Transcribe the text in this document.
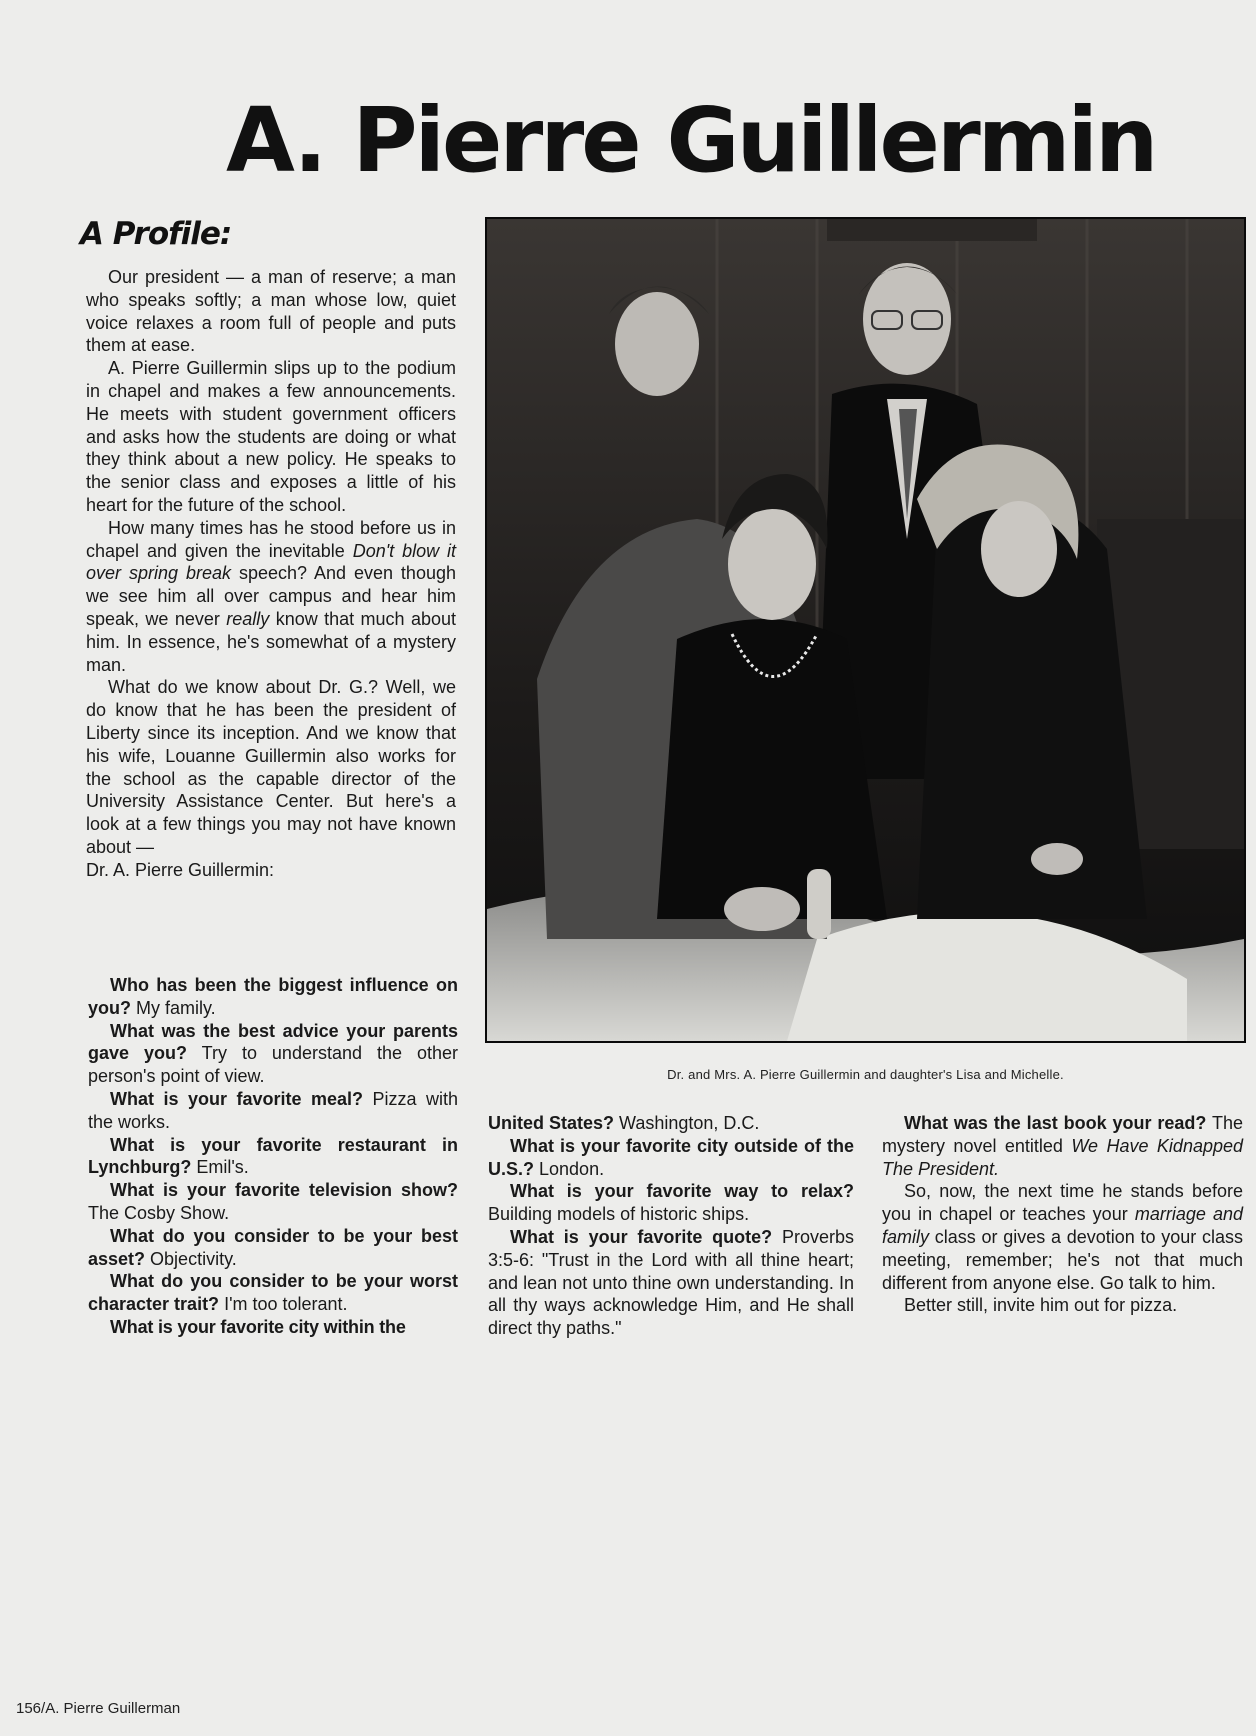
A. Pierre Guillermin
A Profile:

Our president — a man of reserve; a man who speaks softly; a man whose low, quiet voice relaxes a room full of people and puts them at ease.

A. Pierre Guillermin slips up to the podium in chapel and makes a few announcements. He meets with student government officers and asks how the students are doing or what they think about a new policy. He speaks to the senior class and exposes a little of his heart for the future of the school.

How many times has he stood before us in chapel and given the inevitable Don't blow it over spring break speech? And even though we see him all over campus and hear him speak, we never really know that much about him. In essence, he's somewhat of a mystery man.

What do we know about Dr. G.? Well, we do know that he has been the president of Liberty since its inception. And we know that his wife, Louanne Guillermin also works for the school as the capable director of the University Assistance Center. But here's a look at a few things you may not have known about —

Dr. A. Pierre Guillermin:

Who has been the biggest influence on you? My family.

What was the best advice your parents gave you? Try to understand the other person's point of view.

What is your favorite meal? Pizza with the works.

What is your favorite restaurant in Lynchburg? Emil's.

What is your favorite television show? The Cosby Show.

What do you consider to be your best asset? Objectivity.

What do you consider to be your worst character trait? I'm too tolerant.

What is your favorite city within the

Dr. and Mrs. A. Pierre Guillermin and daughter's Lisa and Michelle.

United States? Washington, D.C.

What is your favorite city outside of the U.S.? London.

What is your favorite way to relax? Building models of historic ships.

What is your favorite quote? Proverbs 3:5-6: "Trust in the Lord with all thine heart; and lean not unto thine own understanding. In all thy ways acknowledge Him, and He shall direct thy paths."

What was the last book your read? The mystery novel entitled We Have Kidnapped The President.

So, now, the next time he stands before you in chapel or teaches your marriage and family class or gives a devotion to your class meeting, remember; he's not that much different from anyone else. Go talk to him.

Better still, invite him out for pizza.

156/A. Pierre Guillerman
